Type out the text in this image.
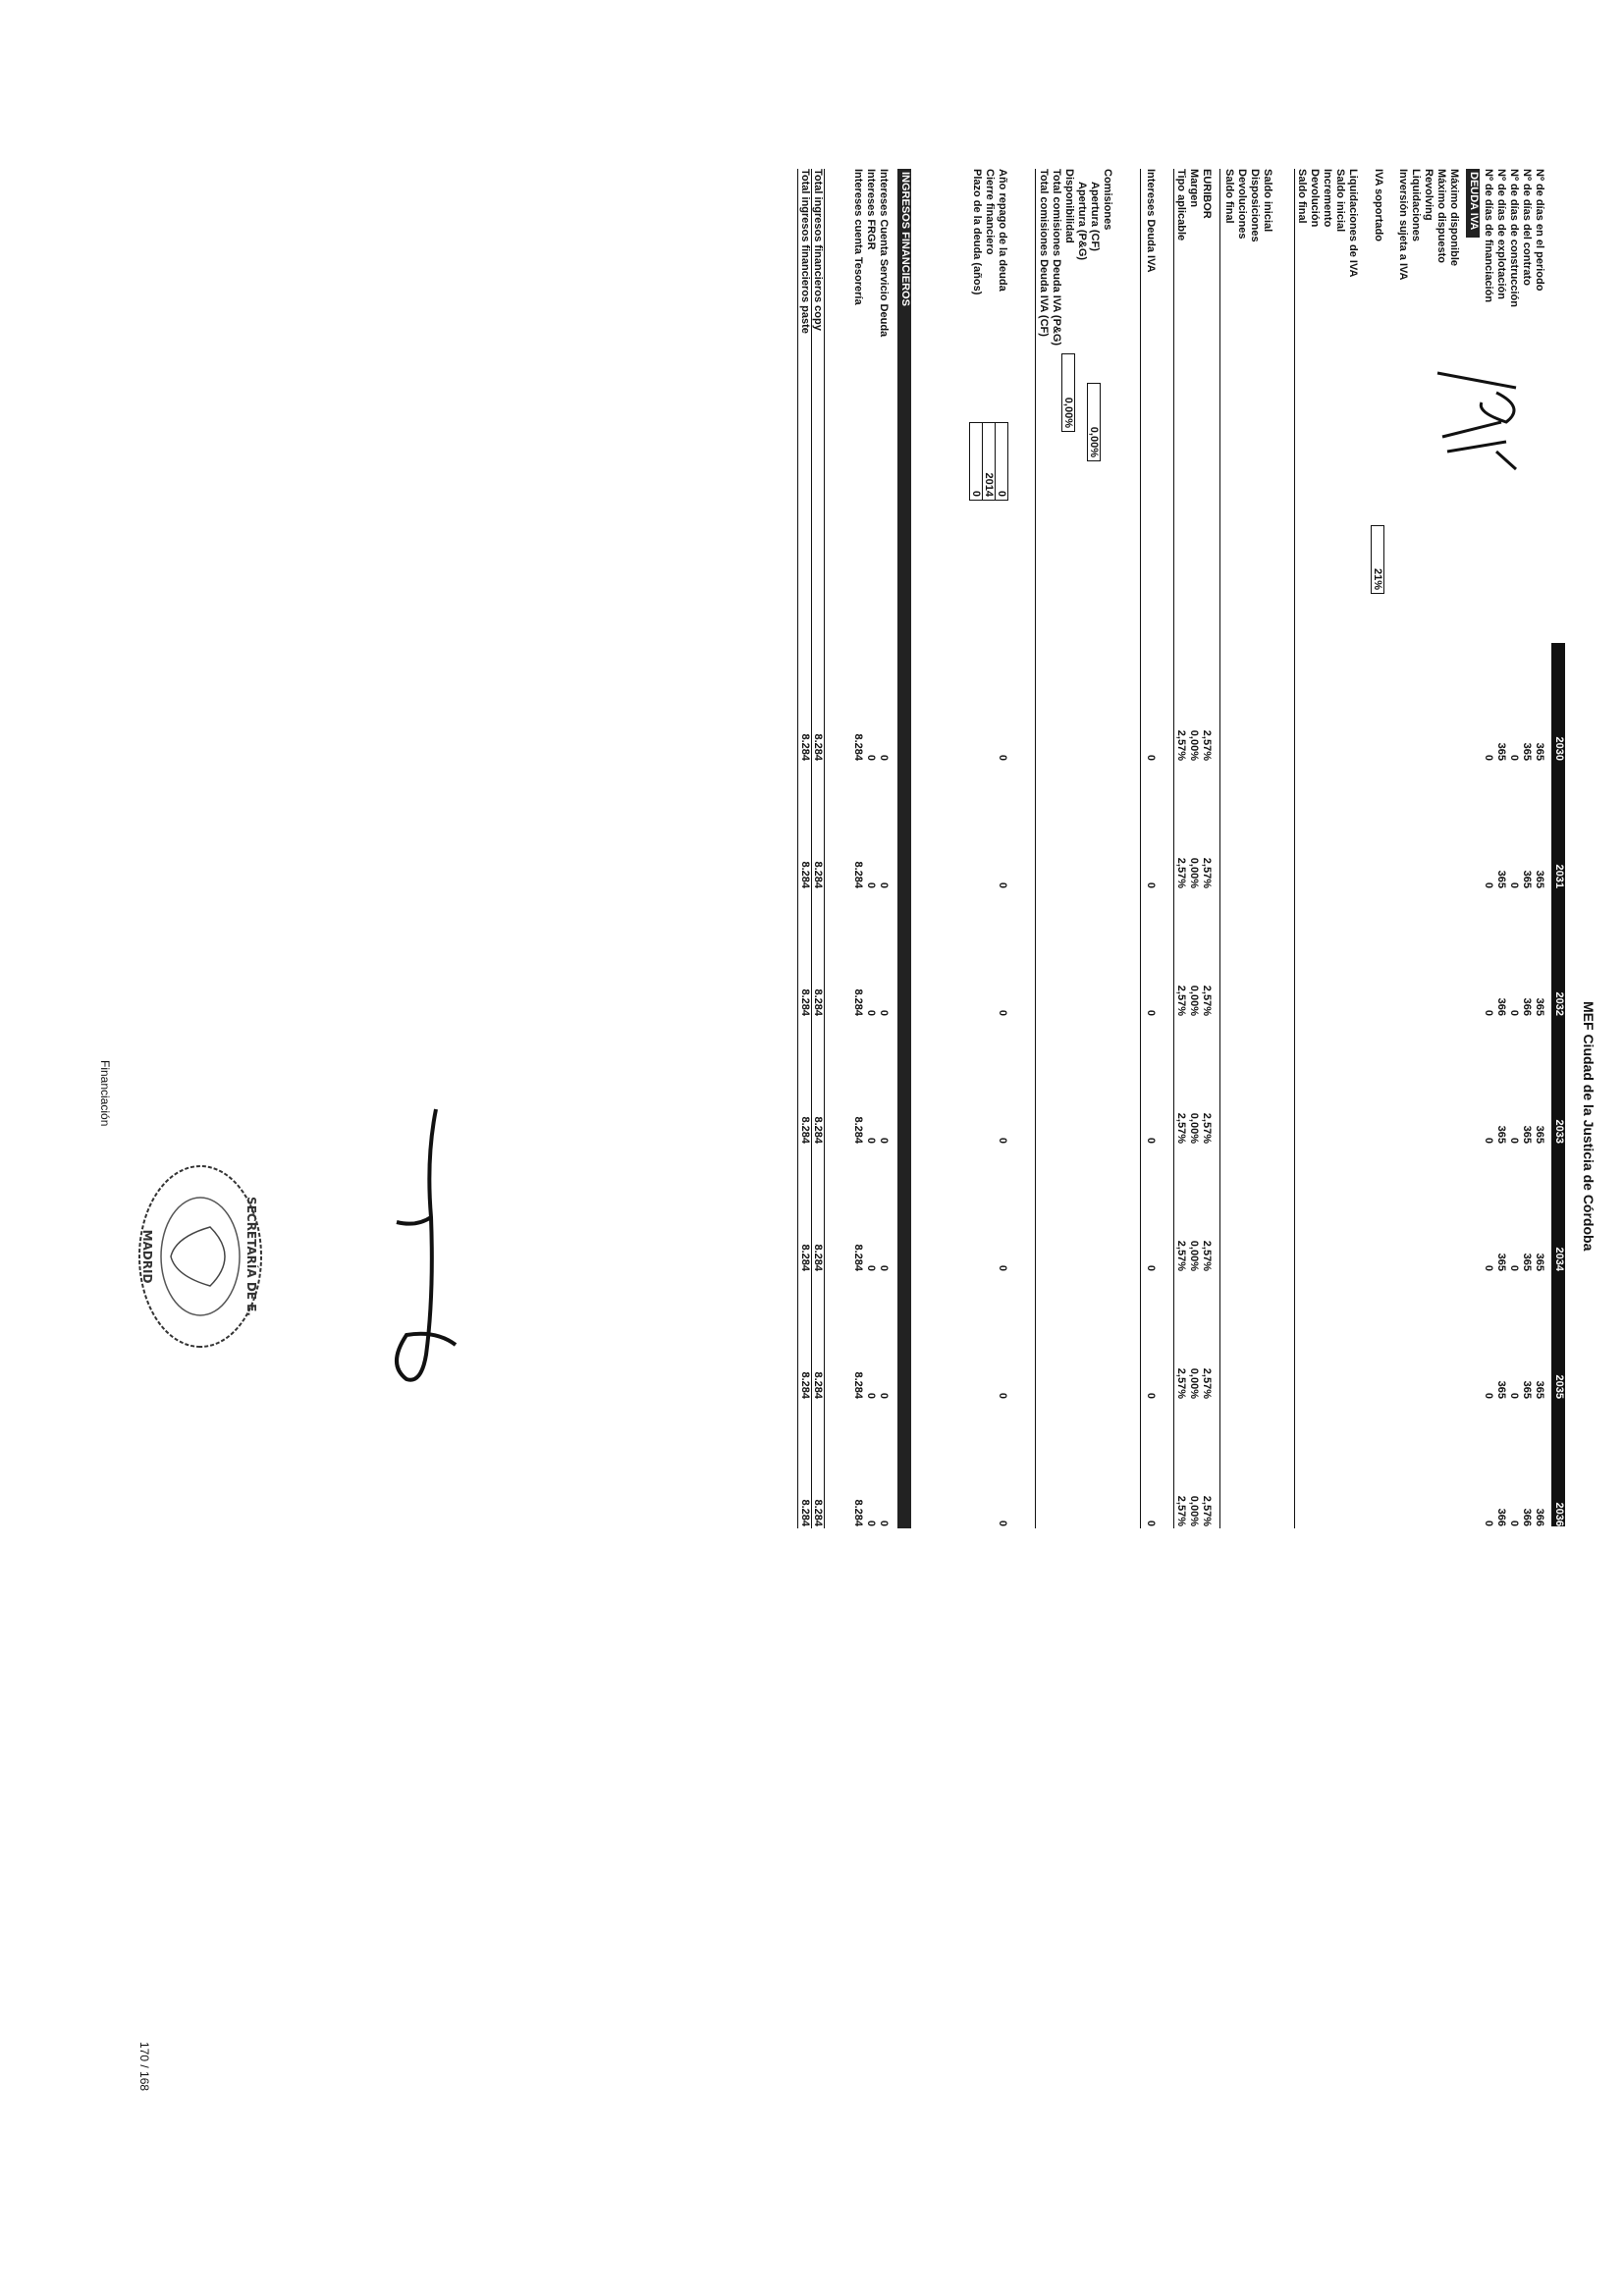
MEF Ciudad de la Justicia de Córdoba
2030
2031
2032
2033
2034
2035
2036
191
Nº de días en el periodo
365
365
365
365
365
365
366
Nº de días del contrato
365
365
366
365
365
365
366
Nº de días de construcción
0
0
0
0
0
0
0
Nº de días de explotación
365
365
366
365
365
365
366
Nº de días de financiación
0
0
0
0
0
0
0
DEUDA IVA
Máximo disponible
Máximo dispuesto
Revolving
Liquidaciones
Inversión sujeta a IVA
IVA soportado
21%
Liquidaciones de IVA
Saldo inicial
Incremento
Devolución
Saldo final
Saldo inicial
Disposiciones
Devoluciones
Saldo final
EURIBOR
2,57%
2,57%
2,57%
2,57%
2,57%
2,57%
2,57%
Margen
0,00%
0,00%
0,00%
0,00%
0,00%
0,00%
0,00%
Tipo aplicable
2,57%
2,57%
2,57%
2,57%
2,57%
2,57%
2,57%
Intereses Deuda IVA
0
0
0
0
0
0
0
Comisiones
Apertura (CF)
0,00%
Apertura (P&G)
Disponibilidad
0,00%
Total comisiones Deuda IVA (P&G)
Total comisiones Deuda IVA (CF)
Año repago de la deuda
0
0
0
0
0
0
0
0
Cierre financiero
2014
Plazo de la deuda (años)
0
INGRESOS FINANCIEROS
Intereses Cuenta Servicio Deuda
0
0
0
0
0
0
0
Intereses FRGR
0
0
0
0
0
0
0
Intereses cuenta Tesorería
8.284
8.284
8.284
8.284
8.284
8.284
8.284
Total ingresos financieros copy
8.284
8.284
8.284
8.284
8.284
8.284
8.284
Total ingresos financieros paste
8.284
8.284
8.284
8.284
8.284
8.284
8.284
SECRETARÍA DE E.
MADRID
Financiación
170 / 168
